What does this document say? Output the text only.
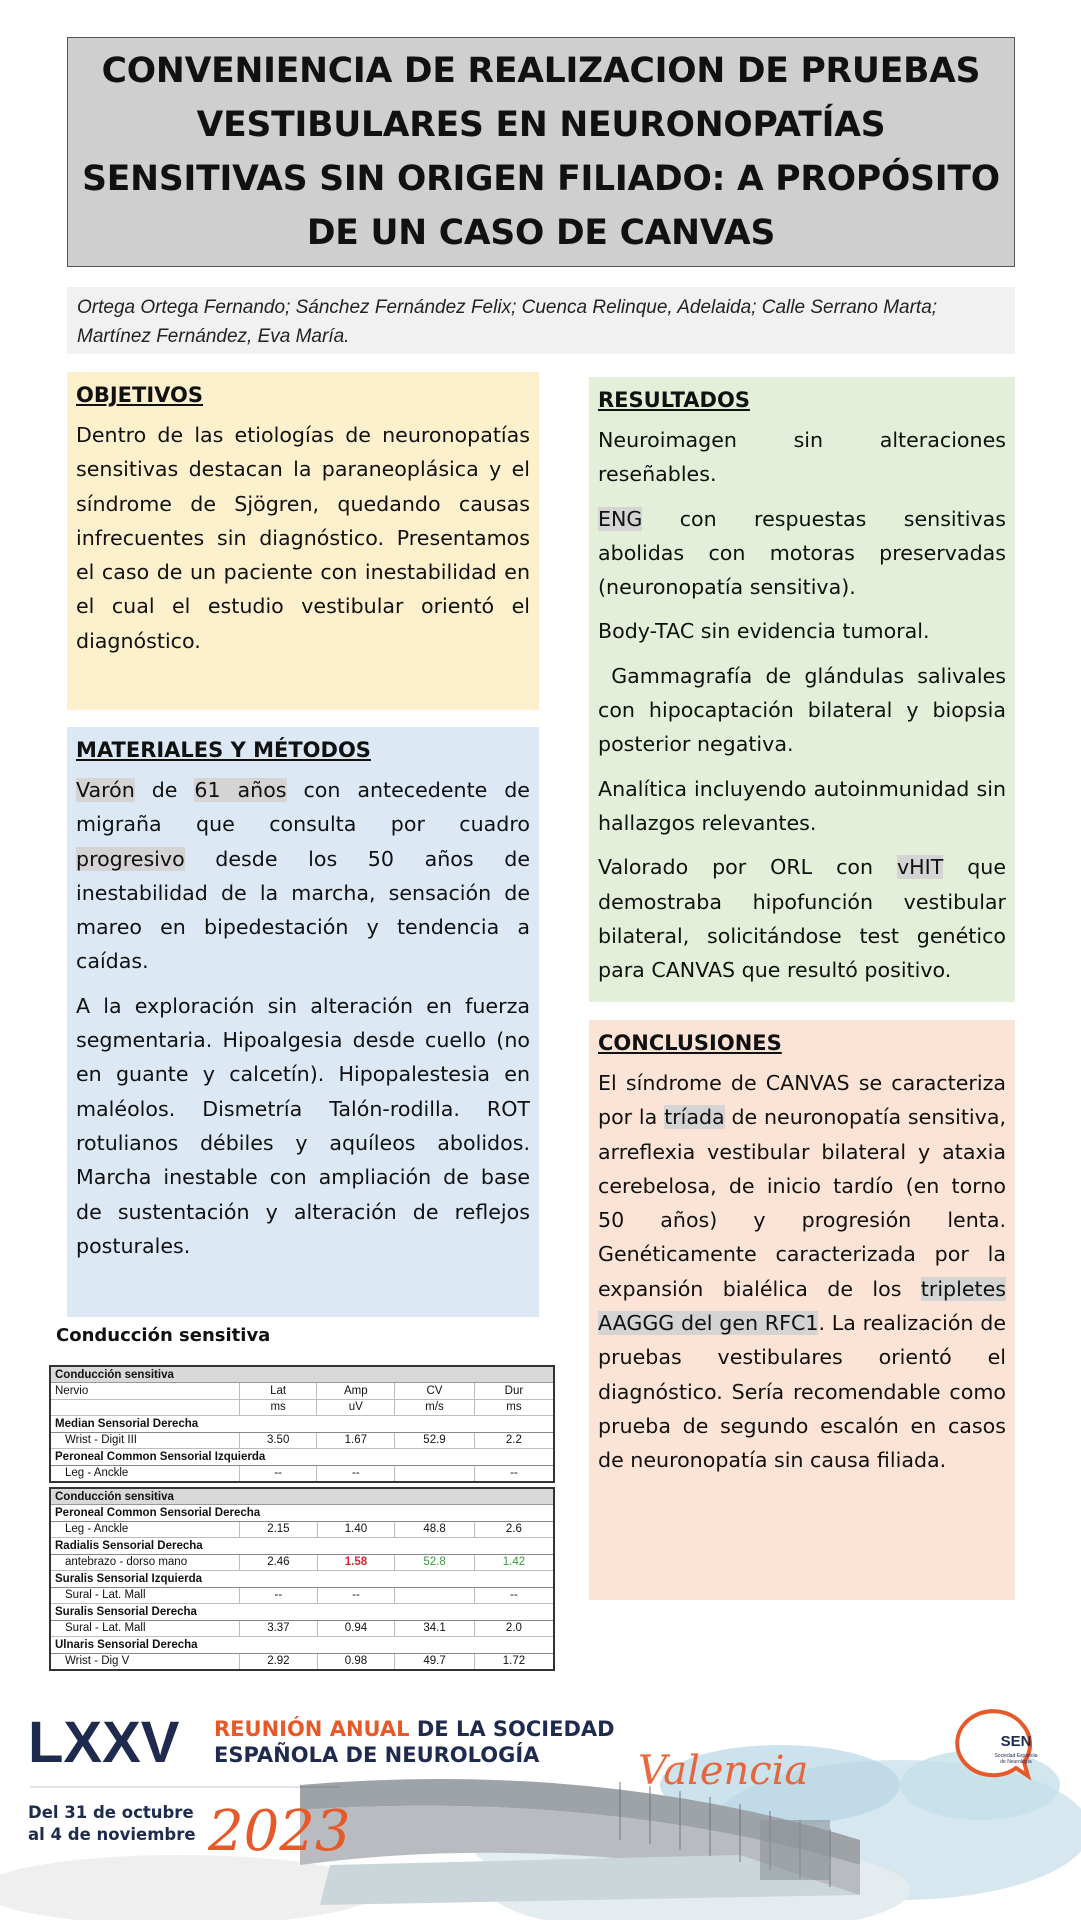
CONVENIENCIA DE REALIZACION DE PRUEBAS VESTIBULARES EN NEURONOPATÍAS SENSITIVAS SIN ORIGEN FILIADO: A PROPÓSITO DE UN CASO DE CANVAS
Ortega Ortega Fernando; Sánchez Fernández Felix; Cuenca Relinque, Adelaida; Calle Serrano Marta; Martínez Fernández, Eva María.
OBJETIVOS

Dentro de las etiologías de neuronopatías sensitivas destacan la paraneoplásica y el síndrome de Sjögren, quedando causas infrecuentes sin diagnóstico. Presentamos el caso de un paciente con inestabilidad en el cual el estudio vestibular orientó el diagnóstico.

MATERIALES Y MÉTODOS

Varón de 61 años con antecedente de migraña que consulta por cuadro progresivo desde los 50 años de inestabilidad de la marcha, sensación de mareo en bipedestación y tendencia a caídas.

A la exploración sin alteración en fuerza segmentaria. Hipoalgesia desde cuello (no en guante y calcetín). Hipopalestesia en maléolos. Dismetría Talón-rodilla. ROT rotulianos débiles y aquíleos abolidos. Marcha inestable con ampliación de base de sustentación y alteración de reflejos posturales.

RESULTADOS

Neuroimagen sin alteraciones reseñables.

ENG con respuestas sensitivas abolidas con motoras preservadas (neuronopatía sensitiva).

Body-TAC sin evidencia tumoral.

Gammagrafía de glándulas salivales con hipocaptación bilateral y biopsia posterior negativa.

Analítica incluyendo autoinmunidad sin hallazgos relevantes.

Valorado por ORL con vHIT que demostraba hipofunción vestibular bilateral, solicitándose test genético para CANVAS que resultó positivo.

CONCLUSIONES

El síndrome de CANVAS se caracteriza por la tríada de neuronopatía sensitiva, arreflexia vestibular bilateral y ataxia cerebelosa, de inicio tardío (en torno 50 años) y progresión lenta. Genéticamente caracterizada por la expansión bialélica de los tripletes AAGGG del gen RFC1. La realización de pruebas vestibulares orientó el diagnóstico. Sería recomendable como prueba de segundo escalón en casos de neuronopatía sin causa filiada.

Conducción sensitiva
Conducción sensitiva				
Nervio	Lat	Amp	CV	Dur
	ms	uV	m/s	ms
Median Sensorial Derecha				
Wrist - Digit III	3.50	1.67	52.9	2.2
Peroneal Common Sensorial Izquierda				
Leg - Anckle	--	--		--
Conducción sensitiva				
Peroneal Common Sensorial Derecha				
Leg - Anckle	2.15	1.40	48.8	2.6
Radialis Sensorial Derecha				
antebrazo - dorso mano	2.46	1.58	52.8	1.42
Suralis Sensorial Izquierda				
Sural - Lat. Mall	--	--		--
Suralis Sensorial Derecha				
Sural - Lat. Mall	3.37	0.94	34.1	2.0
Ulnaris Sensorial Derecha				
Wrist - Dig V	2.92	0.98	49.7	1.72
LXXV REUNIÓN ANUAL DE LA SOCIEDAD
ESPAÑOLA DE NEUROLOGÍA
Del 31 de octubre
al 4 de noviembre 2023
Valencia
SEN
Sociedad Española
de Neurología
